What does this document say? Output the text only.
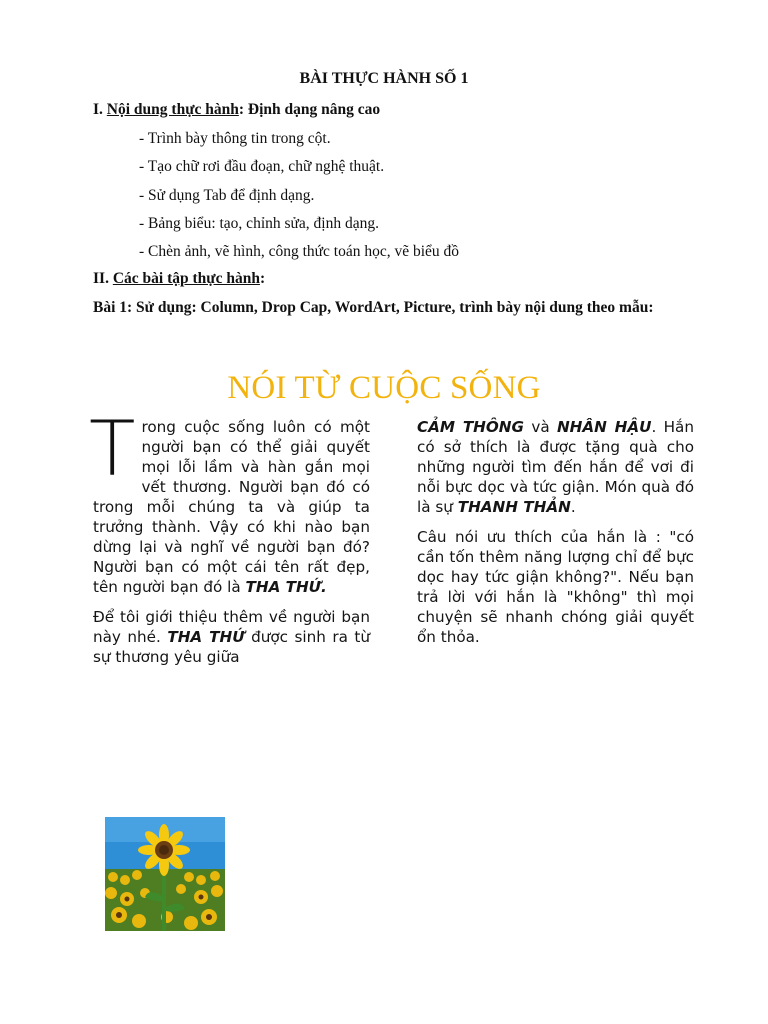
BÀI THỰC HÀNH SỐ 1
I. Nội dung thực hành: Định dạng nâng cao
- Trình bày thông tin trong cột.
- Tạo chữ rơi đầu đoạn, chữ nghệ thuật.
- Sử dụng Tab để định dạng.
- Bảng biểu: tạo, chỉnh sửa, định dạng.
- Chèn ảnh, vẽ hình, công thức toán học, vẽ biểu đồ
II. Các bài tập thực hành:
Bài 1: Sử dụng: Column, Drop Cap, WordArt, Picture, trình bày nội dung theo mẫu:
NÓI TỪ CUỘC SỐNG

Trong cuộc sống luôn có một người bạn có thể giải quyết mọi lỗi lầm và hàn gắn mọi vết thương. Người bạn đó có trong mỗi chúng ta và giúp ta trưởng thành. Vậy có khi nào bạn dừng lại và nghĩ về người bạn đó? Người bạn có một cái tên rất đẹp, tên người bạn đó là THA THỨ.

Để tôi giới thiệu thêm về người bạn này nhé. THA THỨ được sinh ra từ sự thương yêu giữa

CẢM THÔNG và NHÂN HẬU. Hắn có sở thích là được tặng quà cho những người tìm đến hắn để vơi đi nỗi bực dọc và tức giận. Món quà đó là sự THANH THẢN.

Câu nói ưu thích của hắn là : "có cần tốn thêm năng lượng chỉ để bực dọc hay tức giận không?". Nếu bạn trả lời với hắn là "không" thì mọi chuyện sẽ nhanh chóng giải quyết ổn thỏa.
